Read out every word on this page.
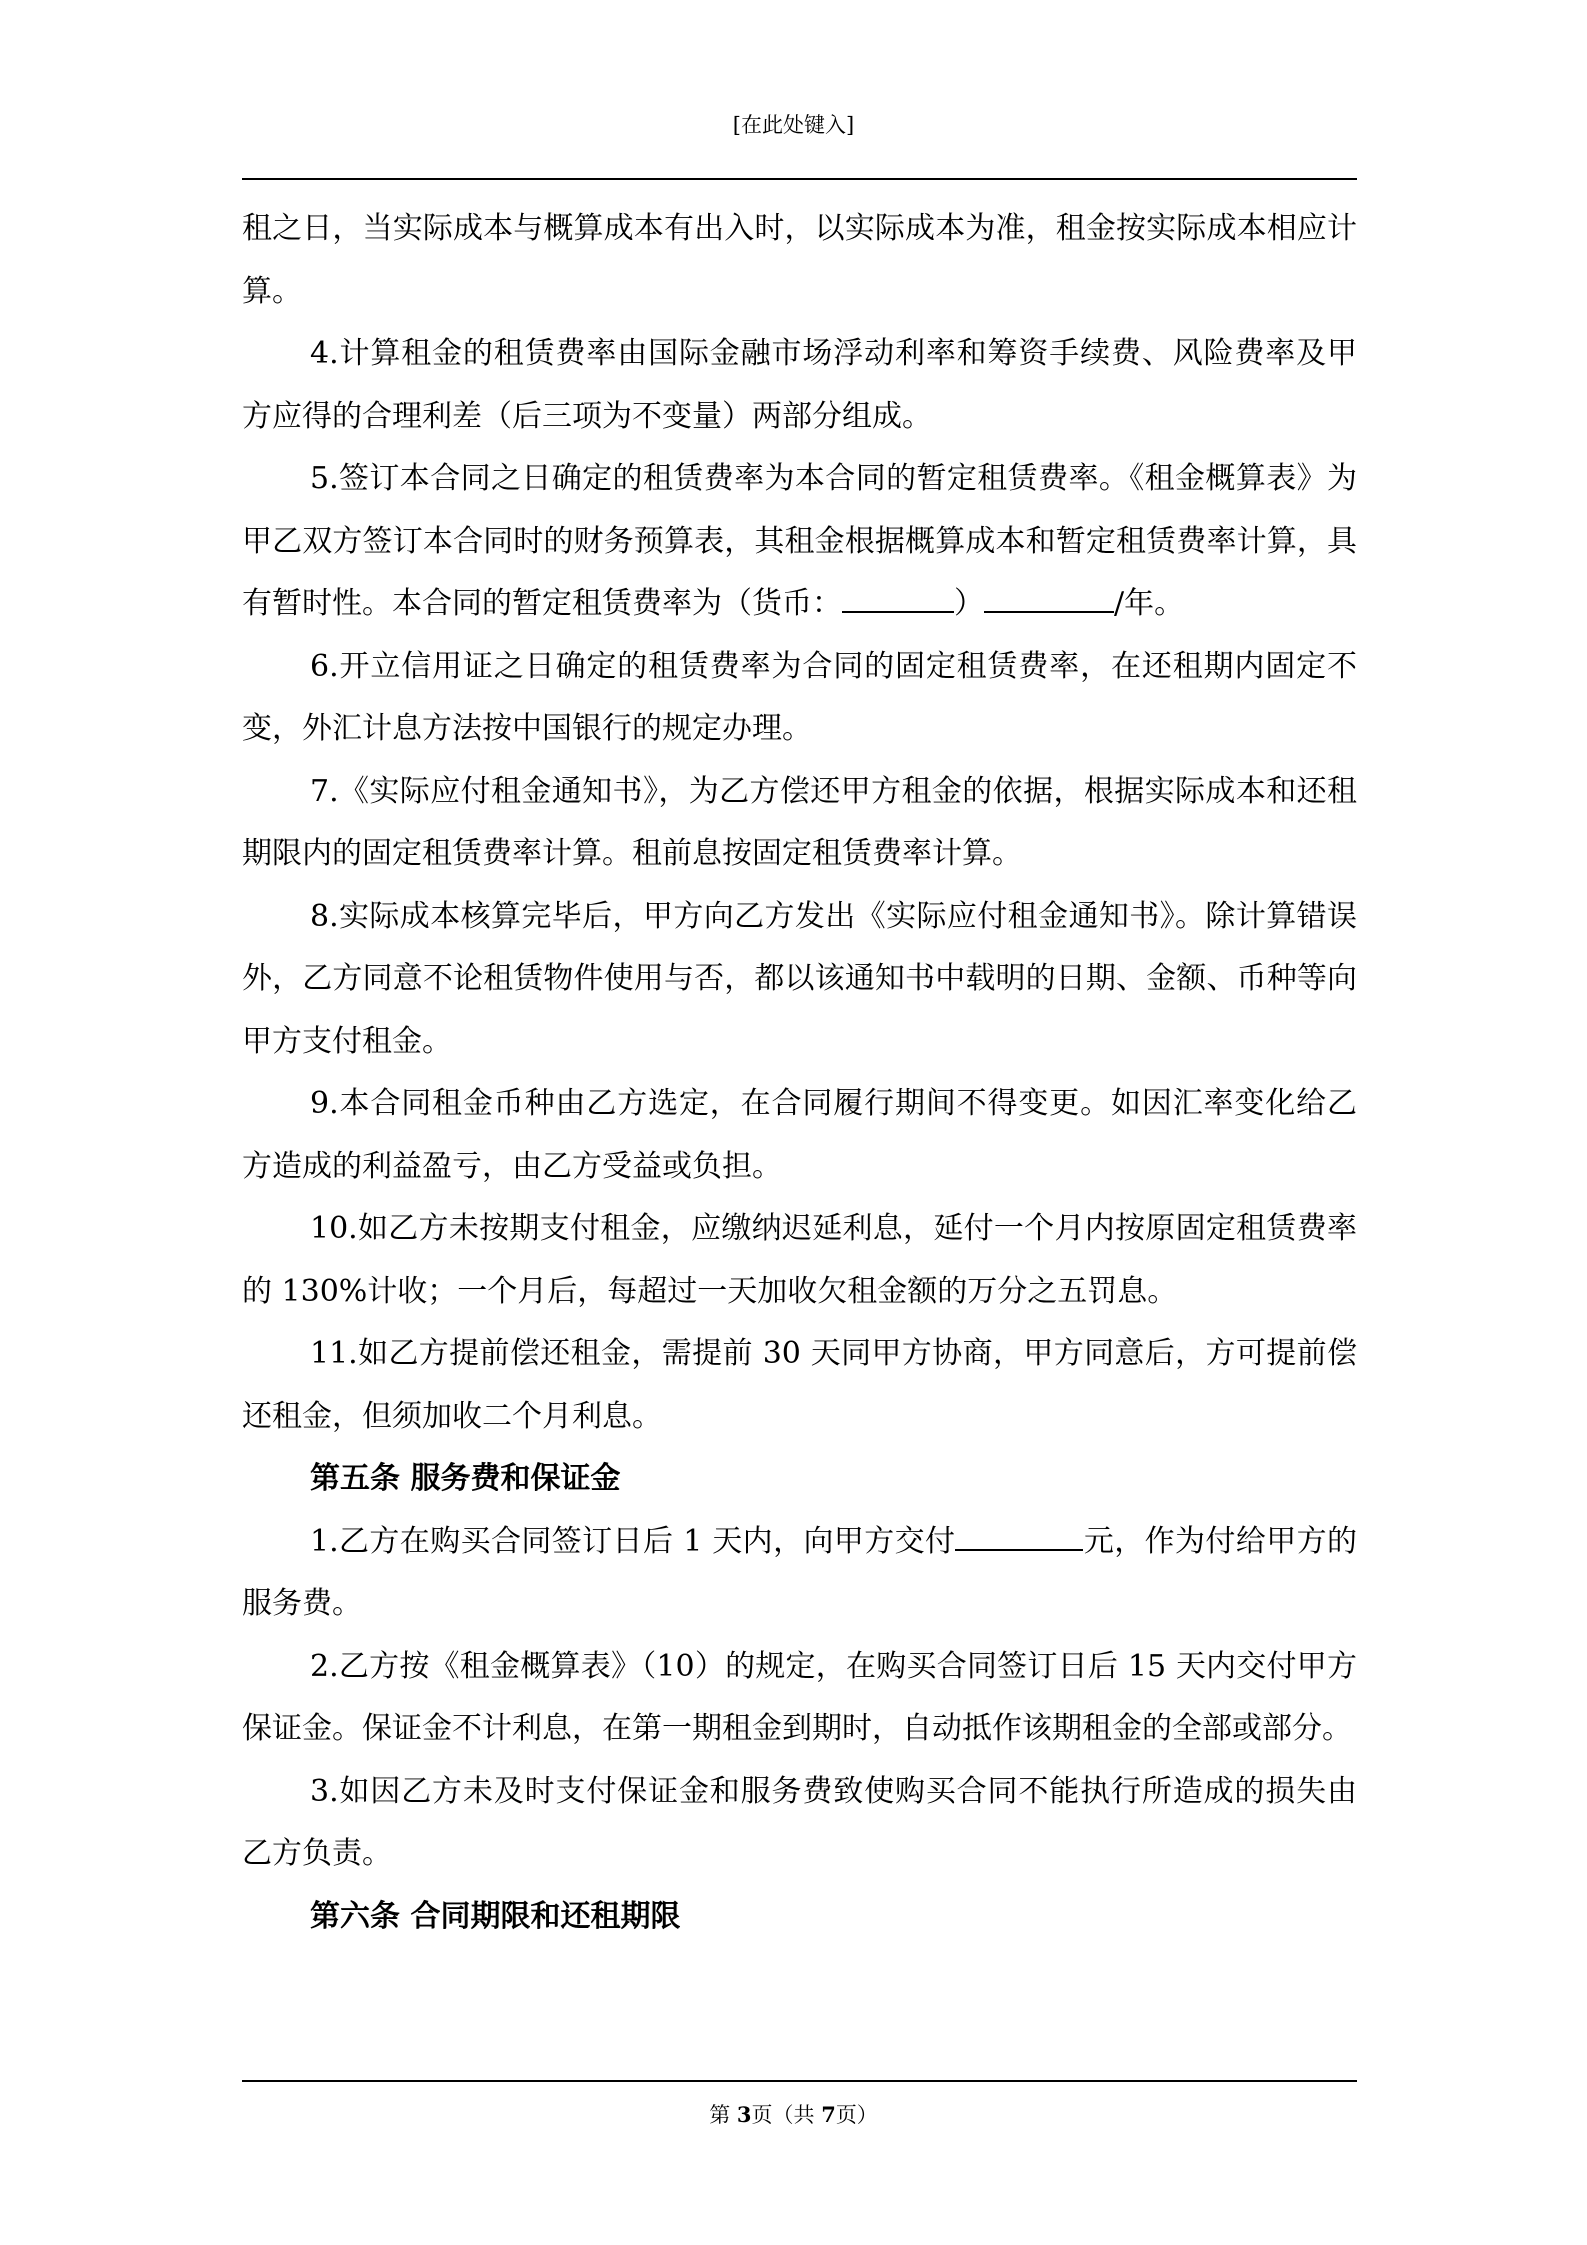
[在此处键入]

租之日，当实际成本与概算成本有出入时，以实际成本为准，租金按实际成本相应计算。

4.计算租金的租赁费率由国际金融市场浮动利率和筹资手续费、风险费率及甲方应得的合理利差（后三项为不变量）两部分组成。

5.签订本合同之日确定的租赁费率为本合同的暂定租赁费率。《租金概算表》为甲乙双方签订本合同时的财务预算表，其租金根据概算成本和暂定租赁费率计算，具有暂时性。本合同的暂定租赁费率为（货币：	）	/年。

6.开立信用证之日确定的租赁费率为合同的固定租赁费率，在还租期内固定不变，外汇计息方法按中国银行的规定办理。

7.《实际应付租金通知书》，为乙方偿还甲方租金的依据，根据实际成本和还租期限内的固定租赁费率计算。租前息按固定租赁费率计算。

8.实际成本核算完毕后，甲方向乙方发出《实际应付租金通知书》。除计算错误外，乙方同意不论租赁物件使用与否，都以该通知书中载明的日期、金额、币种等向甲方支付租金。

9.本合同租金币种由乙方选定，在合同履行期间不得变更。如因汇率变化给乙方造成的利益盈亏，由乙方受益或负担。

10.如乙方未按期支付租金，应缴纳迟延利息，延付一个月内按原固定租赁费率的 130%计收；一个月后，每超过一天加收欠租金额的万分之五罚息。

11.如乙方提前偿还租金，需提前 30 天同甲方协商，甲方同意后，方可提前偿还租金，但须加收二个月利息。

第五条 服务费和保证金

1.乙方在购买合同签订日后 1 天内，向甲方交付	元，作为付给甲方的服务费。

2.乙方按《租金概算表》（10）的规定，在购买合同签订日后 15 天内交付甲方保证金。保证金不计利息，在第一期租金到期时，自动抵作该期租金的全部或部分。

3.如因乙方未及时支付保证金和服务费致使购买合同不能执行所造成的损失由乙方负责。

第六条 合同期限和还租期限

第 3页（共 7页）
